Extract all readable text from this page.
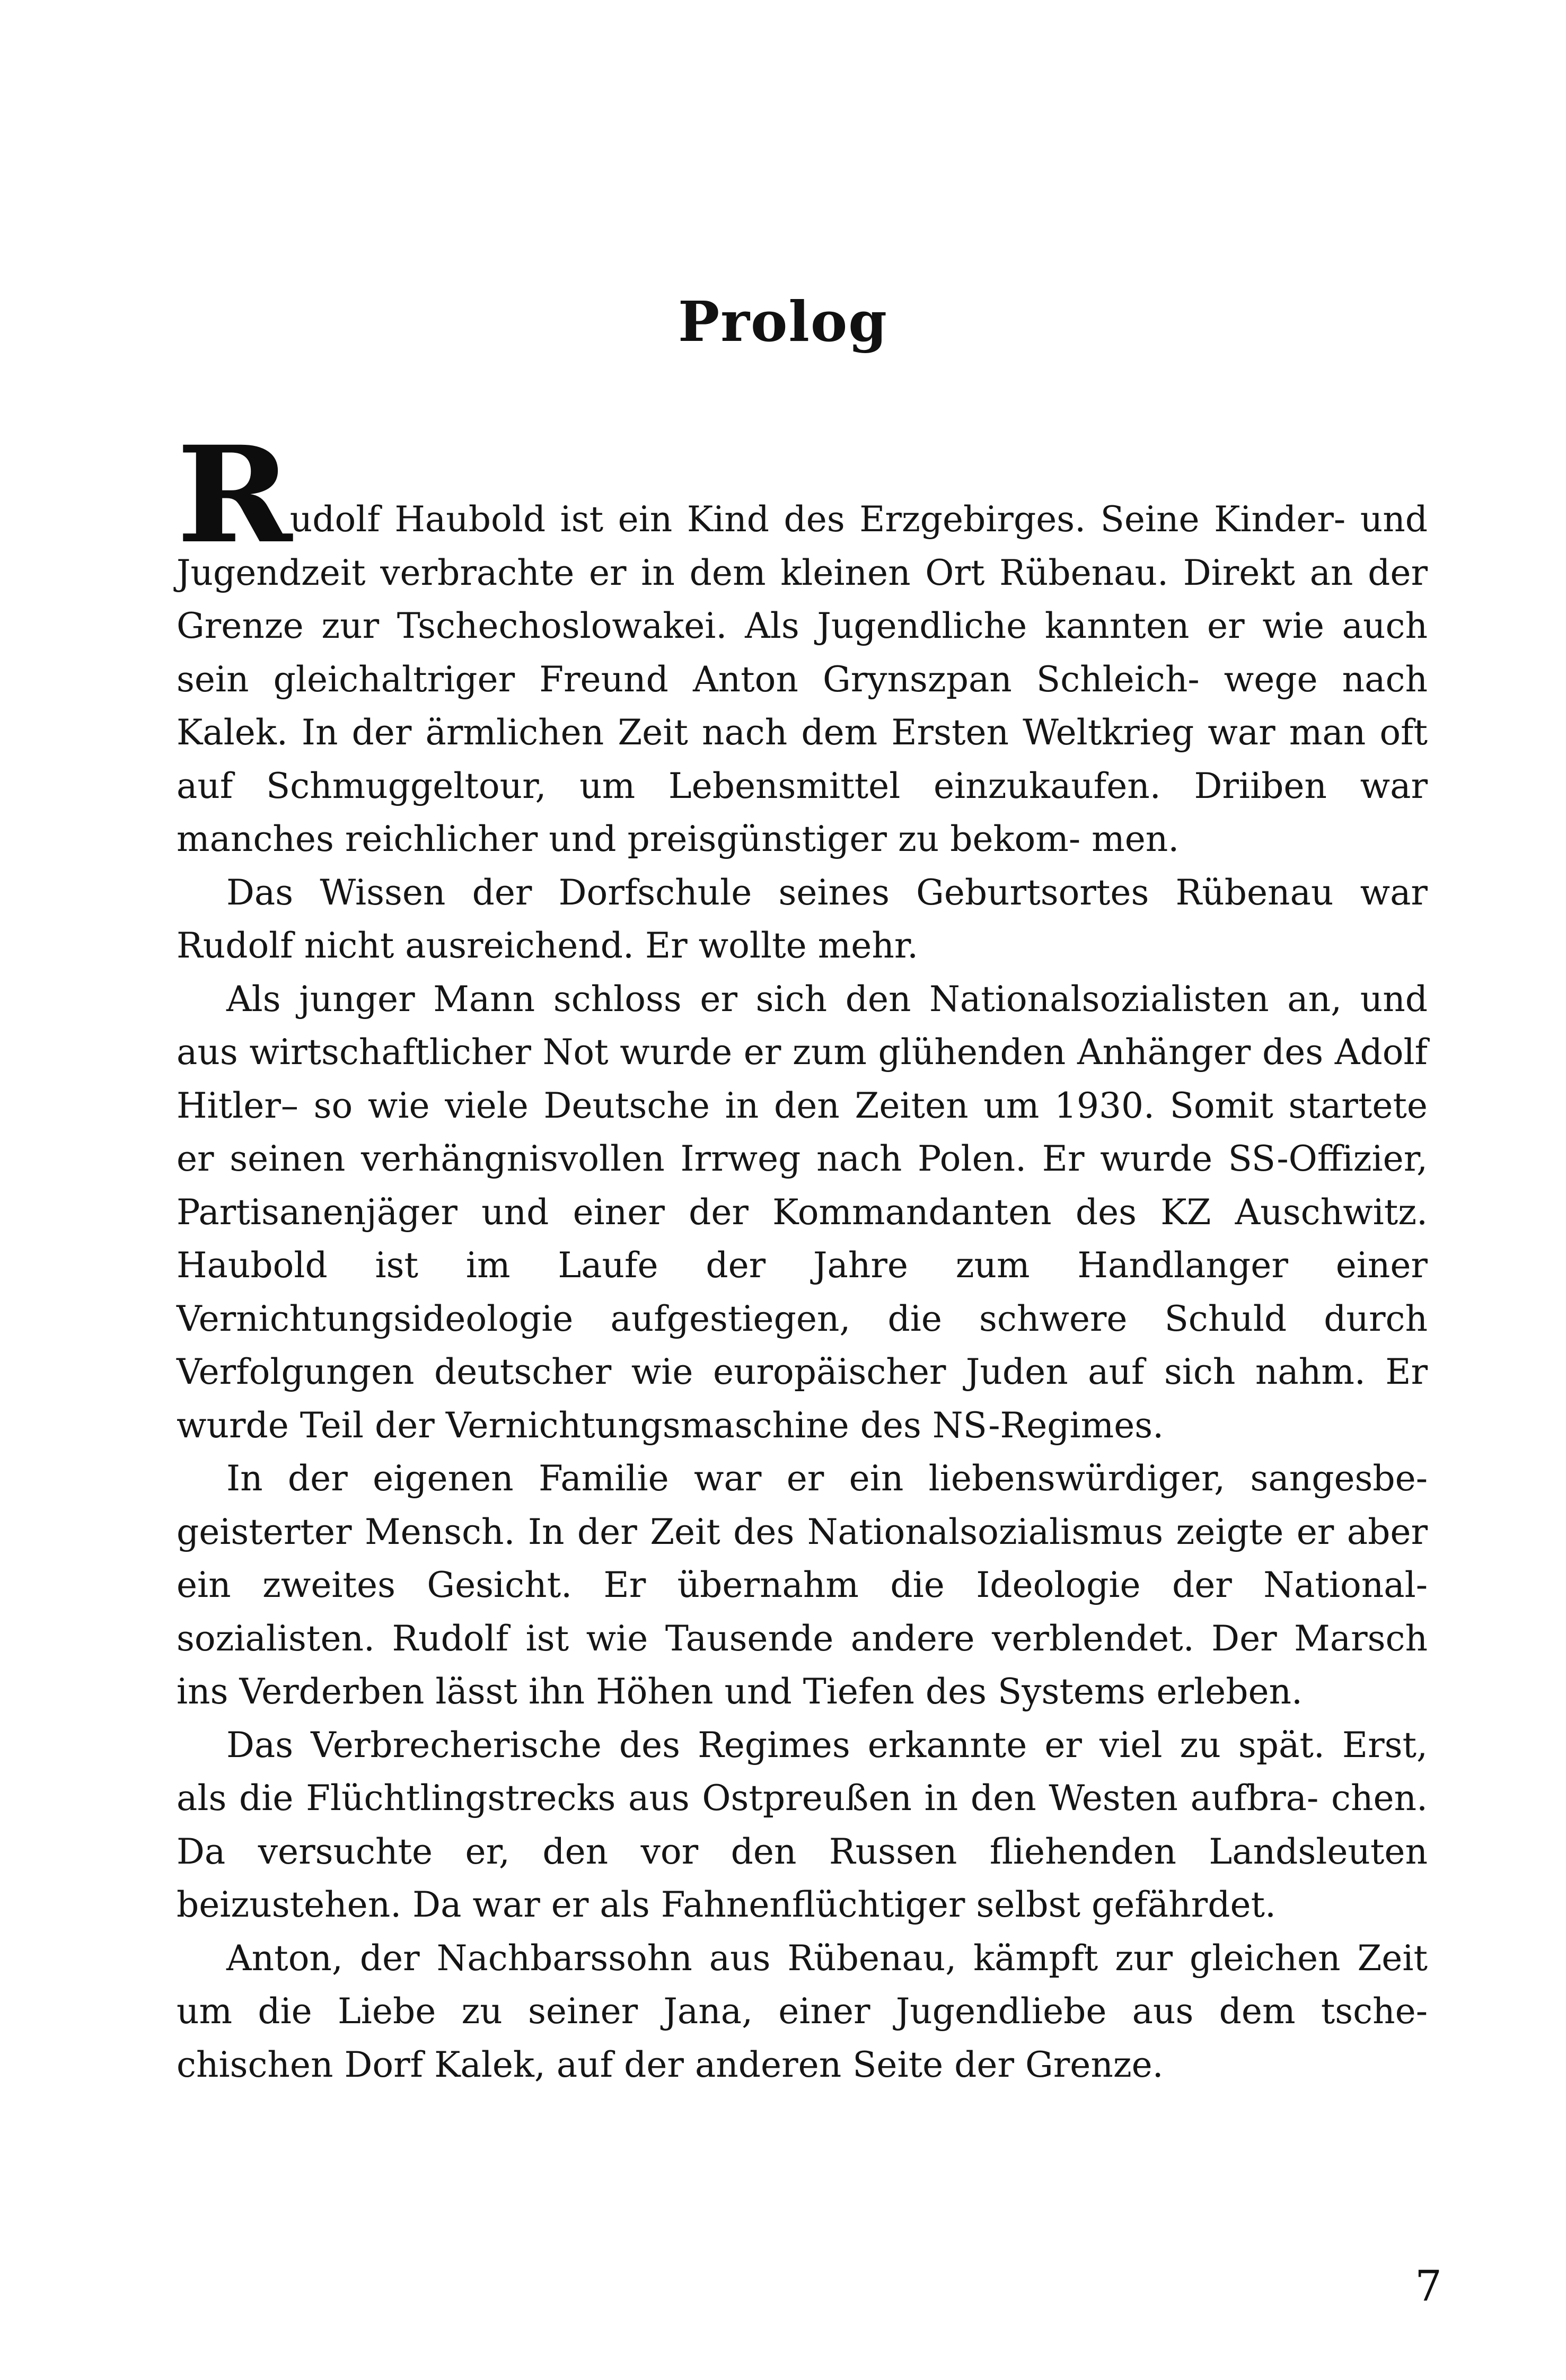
Prolog

R
udolf Haubold ist ein Kind des Erzgebirges. Seine Kinder- und Jugendzeit verbrachte er in dem kleinen Ort Rübenau. Direkt an der Grenze zur Tschechoslowakei. Als Jugendliche kannten er wie auch sein gleichaltriger Freund Anton Grynszpan Schleich- wege nach Kalek. In der ärmlichen Zeit nach dem Ersten Weltkrieg war man oft auf Schmuggeltour, um Lebensmittel einzukaufen. Driiben war manches reichlicher und preisgünstiger zu bekom- men.

Das Wissen der Dorfschule seines Geburtsortes Rübenau war Rudolf nicht ausreichend. Er wollte mehr.

Als junger Mann schloss er sich den Nationalsozialisten an, und aus wirtschaftlicher Not wurde er zum glühenden Anhänger des Adolf Hitler– so wie viele Deutsche in den Zeiten um 1930. Somit startete er seinen verhängnisvollen Irrweg nach Polen. Er wurde SS-Offizier, Partisanenjäger und einer der Kommandanten des KZ Auschwitz. Haubold ist im Laufe der Jahre zum Handlanger einer Vernichtungsideologie aufgestiegen, die schwere Schuld durch Verfolgungen deutscher wie europäischer Juden auf sich nahm. Er wurde Teil der Vernichtungsmaschine des NS-Regimes.

In der eigenen Familie war er ein liebenswürdiger, sangesbe- geisterter Mensch. In der Zeit des Nationalsozialismus zeigte er aber ein zweites Gesicht. Er übernahm die Ideologie der National- sozialisten. Rudolf ist wie Tausende andere verblendet. Der Marsch ins Verderben lässt ihn Höhen und Tiefen des Systems erleben.

Das Verbrecherische des Regimes erkannte er viel zu spät. Erst, als die Flüchtlingstrecks aus Ostpreußen in den Westen aufbra- chen. Da versuchte er, den vor den Russen fliehenden Landsleuten beizustehen. Da war er als Fahnenflüchtiger selbst gefährdet.

Anton, der Nachbarssohn aus Rübenau, kämpft zur gleichen Zeit um die Liebe zu seiner Jana, einer Jugendliebe aus dem tsche- chischen Dorf Kalek, auf der anderen Seite der Grenze.

7
